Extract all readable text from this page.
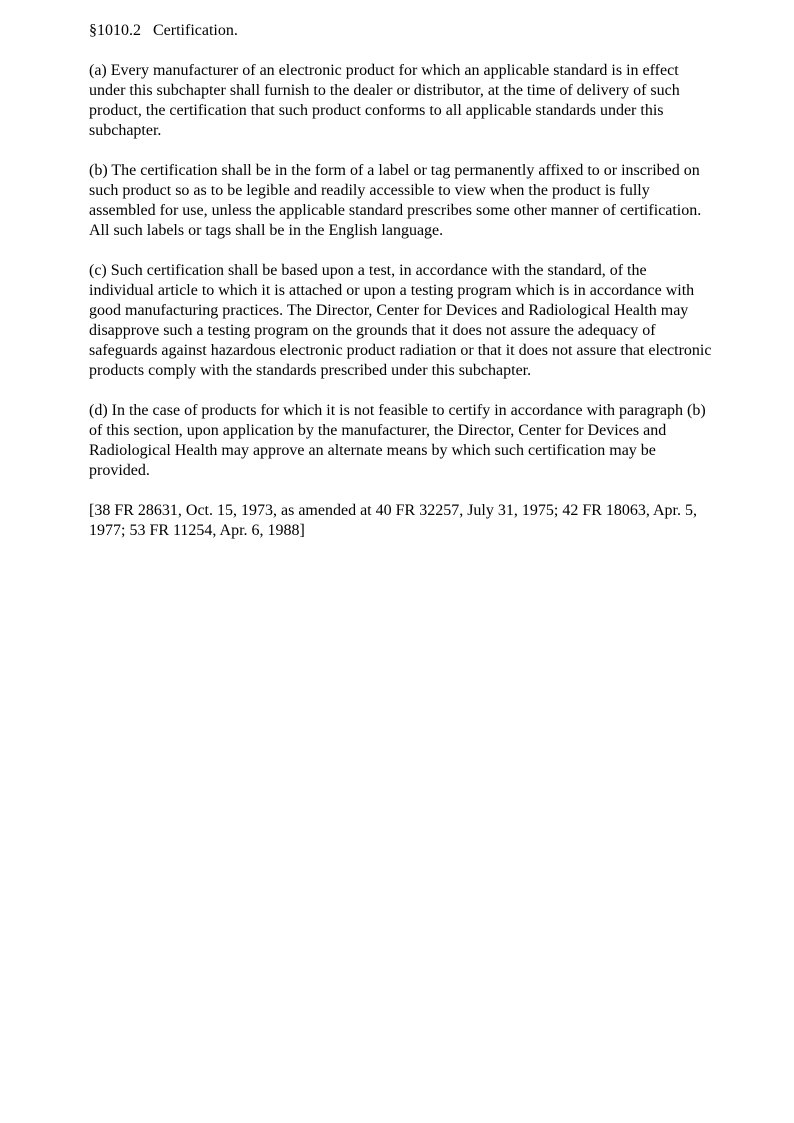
§1010.2   Certification.

(a) Every manufacturer of an electronic product for which an applicable standard is in effect under this subchapter shall furnish to the dealer or distributor, at the time of delivery of such product, the certification that such product conforms to all applicable standards under this subchapter.

(b) The certification shall be in the form of a label or tag permanently affixed to or inscribed on such product so as to be legible and readily accessible to view when the product is fully assembled for use, unless the applicable standard prescribes some other manner of certification. All such labels or tags shall be in the English language.

(c) Such certification shall be based upon a test, in accordance with the standard, of the individual article to which it is attached or upon a testing program which is in accordance with good manufacturing practices. The Director, Center for Devices and Radiological Health may disapprove such a testing program on the grounds that it does not assure the adequacy of safeguards against hazardous electronic product radiation or that it does not assure that electronic products comply with the standards prescribed under this subchapter.

(d) In the case of products for which it is not feasible to certify in accordance with paragraph (b) of this section, upon application by the manufacturer, the Director, Center for Devices and Radiological Health may approve an alternate means by which such certification may be provided.

[38 FR 28631, Oct. 15, 1973, as amended at 40 FR 32257, July 31, 1975; 42 FR 18063, Apr. 5, 1977; 53 FR 11254, Apr. 6, 1988]
